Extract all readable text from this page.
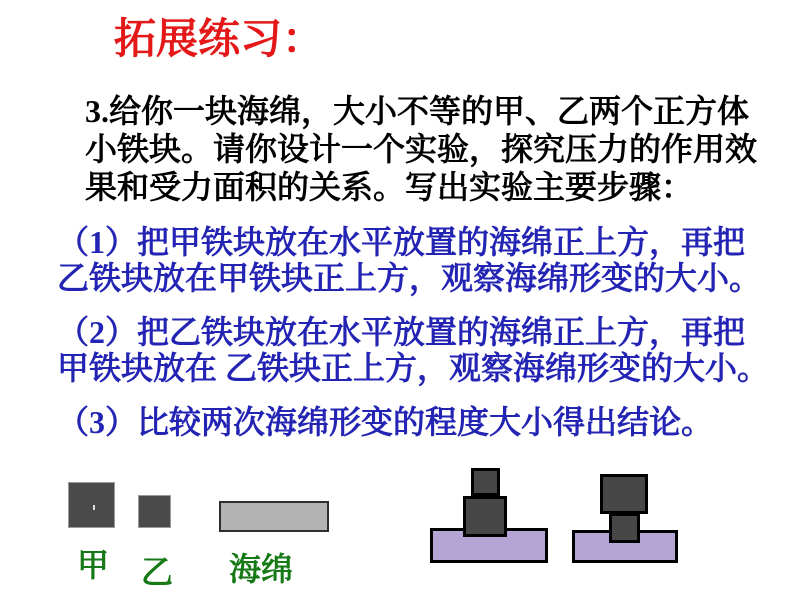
拓展练习：
3.给你一块海绵，大小不等的甲、乙两个正方体
小铁块。请你设计一个实验，探究压力的作用效
果和受力面积的关系。写出实验主要步骤：
（1）把甲铁块放在水平放置的海绵正上方，再把
乙铁块放在甲铁块正上方，观察海绵形变的大小。
（2）把乙铁块放在水平放置的海绵正上方，再把
甲铁块放在 乙铁块正上方，观察海绵形变的大小。
（3）比较两次海绵形变的程度大小得出结论。
甲 乙 海绵
